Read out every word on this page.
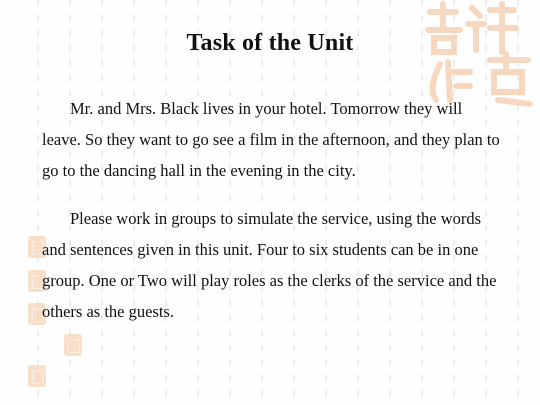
Task of the Unit

Mr. and Mrs. Black lives in your hotel. Tomorrow they will leave. So they want to go see a film in the afternoon, and they plan to go to the dancing hall in the evening in the city.

Please work in groups to simulate the service, using the words and sentences given in this unit. Four to six students can be in one group. One or Two will play roles as the clerks of the service and the others as the guests.
